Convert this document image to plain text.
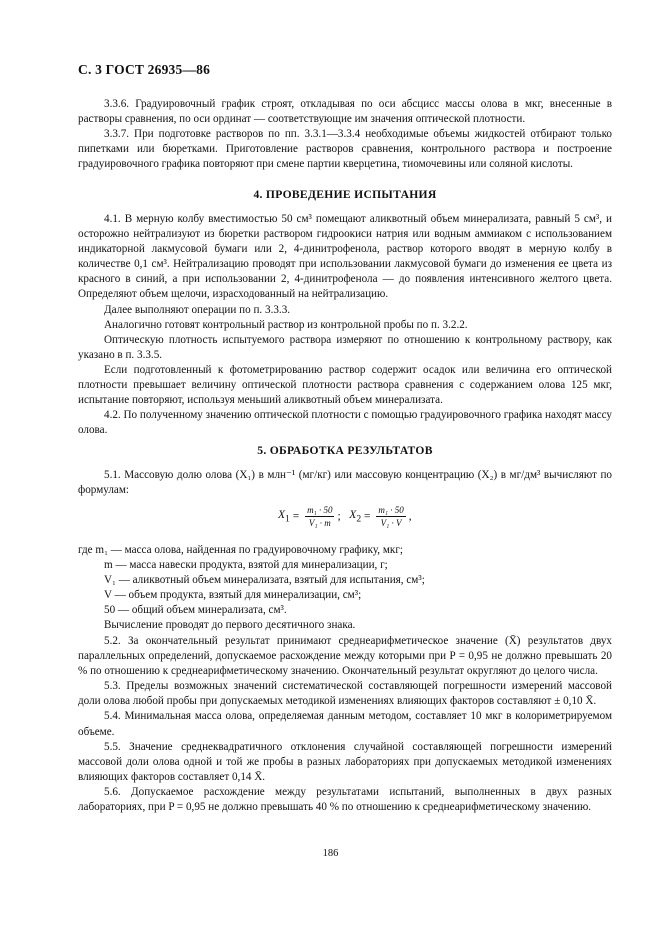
С. 3 ГОСТ 26935—86

3.3.6. Градуировочный график строят, откладывая по оси абсцисс массы олова в мкг, внесенные в растворы сравнения, по оси ординат — соответствующие им значения оптической плотности.

3.3.7. При подготовке растворов по пп. 3.3.1—3.3.4 необходимые объемы жидкостей отбирают только пипетками или бюретками. Приготовление растворов сравнения, контрольного раствора и построение градуировочного графика повторяют при смене партии кверцетина, тиомочевины или соляной кислоты.

4. ПРОВЕДЕНИЕ ИСПЫТАНИЯ

4.1. В мерную колбу вместимостью 50 см³ помещают аликвотный объем минерализата, равный 5 см³, и осторожно нейтрализуют из бюретки раствором гидроокиси натрия или водным аммиаком с использованием индикаторной лакмусовой бумаги или 2, 4-динитрофенола, раствор которого вводят в мерную колбу в количестве 0,1 см³. Нейтрализацию проводят при использовании лакмусовой бумаги до изменения ее цвета из красного в синий, а при использовании 2, 4-динитрофенола — до появления интенсивного желтого цвета. Определяют объем щелочи, израсходованный на нейтрализацию.

Далее выполняют операции по п. 3.3.3.

Аналогично готовят контрольный раствор из контрольной пробы по п. 3.2.2.

Оптическую плотность испытуемого раствора измеряют по отношению к контрольному раствору, как указано в п. 3.3.5.

Если подготовленный к фотометрированию раствор содержит осадок или величина его оптической плотности превышает величину оптической плотности раствора сравнения с содержанием олова 125 мкг, испытание повторяют, используя меньший аликвотный объем минерализата.

4.2. По полученному значению оптической плотности с помощью градуировочного графика находят массу олова.

5. ОБРАБОТКА РЕЗУЛЬТАТОВ

5.1. Массовую долю олова (X₁) в млн⁻¹ (мг/кг) или массовую концентрацию (X₂) в мг/дм³ вычисляют по формулам:

$X_1 = \frac{\text{m₁ · 50}}{\text{V₁ · m}}$ ; $X_2 = \frac{\text{m₁ · 50}}{\text{V₁ · V}}$ ,
где m₁ — масса олова, найденная по градуировочному графику, мкг;
m — масса навески продукта, взятой для минерализации, г;
V₁ — аликвотный объем минерализата, взятый для испытания, см³;
V — объем продукта, взятый для минерализации, см³;
50 — общий объем минерализата, см³.
Вычисление проводят до первого десятичного знака.

5.2. За окончательный результат принимают среднеарифметическое значение (X̄) результатов двух параллельных определений, допускаемое расхождение между которыми при P = 0,95 не должно превышать 20 % по отношению к среднеарифметическому значению. Окончательный результат округляют до целого числа.

5.3. Пределы возможных значений систематической составляющей погрешности измерений массовой доли олова любой пробы при допускаемых методикой изменениях влияющих факторов составляют ± 0,10 X̄.

5.4. Минимальная масса олова, определяемая данным методом, составляет 10 мкг в колориметрируемом объеме.

5.5. Значение среднеквадратичного отклонения случайной составляющей погрешности измерений массовой доли олова одной и той же пробы в разных лабораториях при допускаемых методикой изменениях влияющих факторов составляет 0,14 X̄.

5.6. Допускаемое расхождение между результатами испытаний, выполненных в двух разных лабораториях, при P = 0,95 не должно превышать 40 % по отношению к среднеарифметическому значению.

186
